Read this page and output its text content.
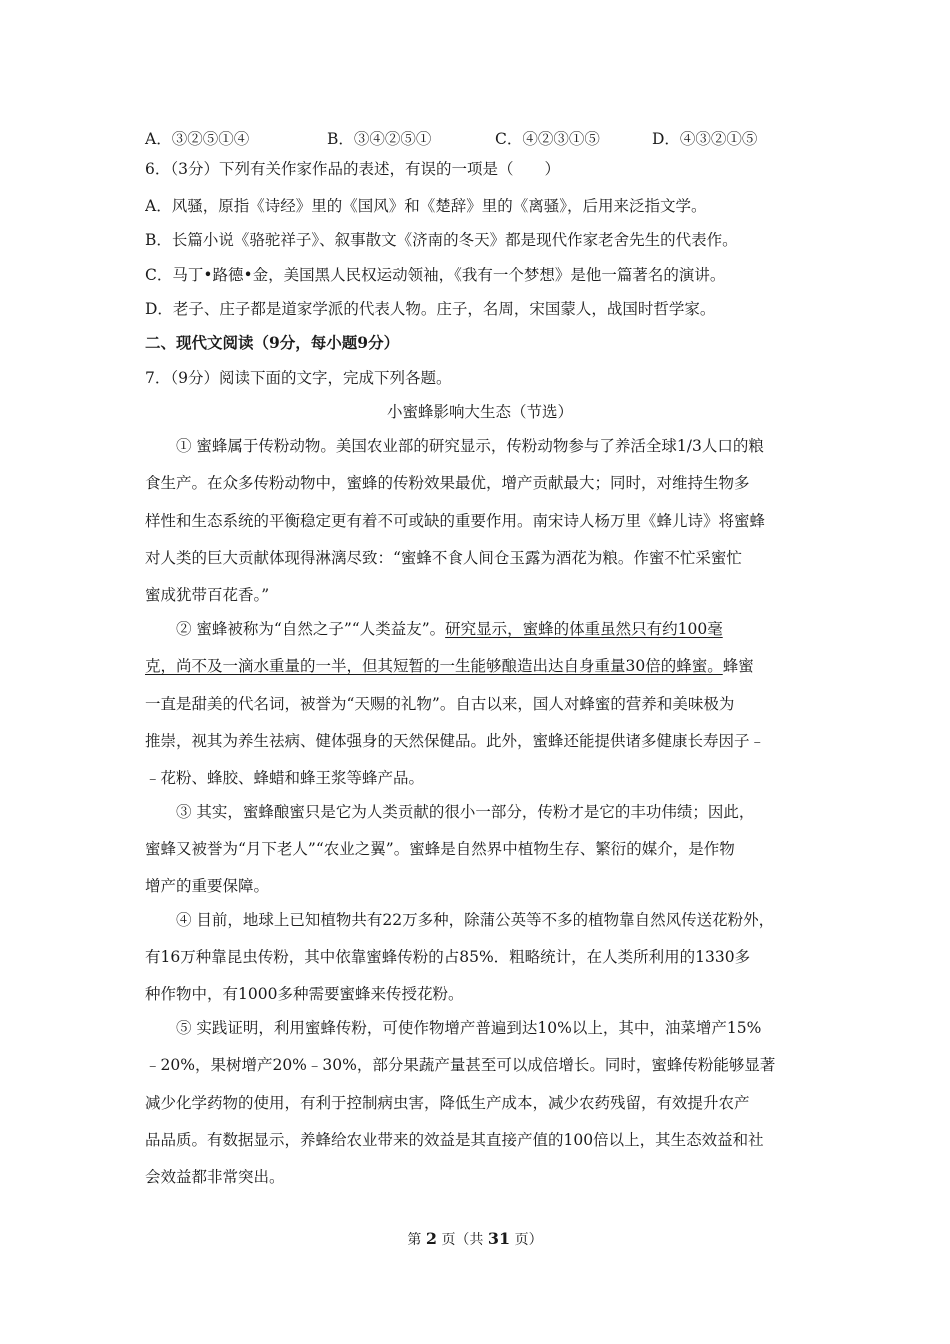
A．③②⑤①④	B．③④②⑤①	C．④②③①⑤	D．④③②①⑤
6．（3分）下列有关作家作品的表述，有误的一项是（　　）
A．风骚，原指《诗经》里的《国风》和《楚辞》里的《离骚》，后用来泛指文学。
B．长篇小说《骆驼祥子》、叙事散文《济南的冬天》都是现代作家老舍先生的代表作。
C．马丁•路德•金，美国黑人民权运动领袖，《我有一个梦想》是他一篇著名的演讲。
D．老子、庄子都是道家学派的代表人物。庄子，名周，宋国蒙人，战国时哲学家。
二、现代文阅读（9分，每小题9分）
7．（9分）阅读下面的文字，完成下列各题。
小蜜蜂影响大生态（节选）
① 蜜蜂属于传粉动物。美国农业部的研究显示，传粉动物参与了养活全球1/3人口的粮
食生产。在众多传粉动物中，蜜蜂的传粉效果最优，增产贡献最大；同时，对维持生物多
样性和生态系统的平衡稳定更有着不可或缺的重要作用。南宋诗人杨万里《蜂儿诗》将蜜蜂
对人类的巨大贡献体现得淋漓尽致：“蜜蜂不食人间仓玉露为酒花为粮。作蜜不忙采蜜忙
蜜成犹带百花香。”
② 蜜蜂被称为“自然之子”“人类益友”。研究显示，蜜蜂的体重虽然只有约100毫
克，尚不及一滴水重量的一半，但其短暂的一生能够酿造出达自身重量30倍的蜂蜜。蜂蜜
一直是甜美的代名词，被誉为“天赐的礼物”。自古以来，国人对蜂蜜的营养和美味极为
推崇，视其为养生祛病、健体强身的天然保健品。此外，蜜蜂还能提供诸多健康长寿因子﹣
﹣花粉、蜂胶、蜂蜡和蜂王浆等蜂产品。
③ 其实，蜜蜂酿蜜只是它为人类贡献的很小一部分，传粉才是它的丰功伟绩；因此，
蜜蜂又被誉为“月下老人”“农业之翼”。蜜蜂是自然界中植物生存、繁衍的媒介，是作物
增产的重要保障。
④ 目前，地球上已知植物共有22万多种，除蒲公英等不多的植物靠自然风传送花粉外，
有16万种靠昆虫传粉，其中依靠蜜蜂传粉的占85%．粗略统计，在人类所利用的1330多
种作物中，有1000多种需要蜜蜂来传授花粉。
⑤ 实践证明，利用蜜蜂传粉，可使作物增产普遍到达10%以上，其中，油菜增产15%
﹣20%，果树增产20%﹣30%，部分果蔬产量甚至可以成倍增长。同时，蜜蜂传粉能够显著
减少化学药物的使用，有利于控制病虫害，降低生产成本，减少农药残留，有效提升农产
品品质。有数据显示，养蜂给农业带来的效益是其直接产值的100倍以上，其生态效益和社
会效益都非常突出。
第 2 页（共 31 页）
